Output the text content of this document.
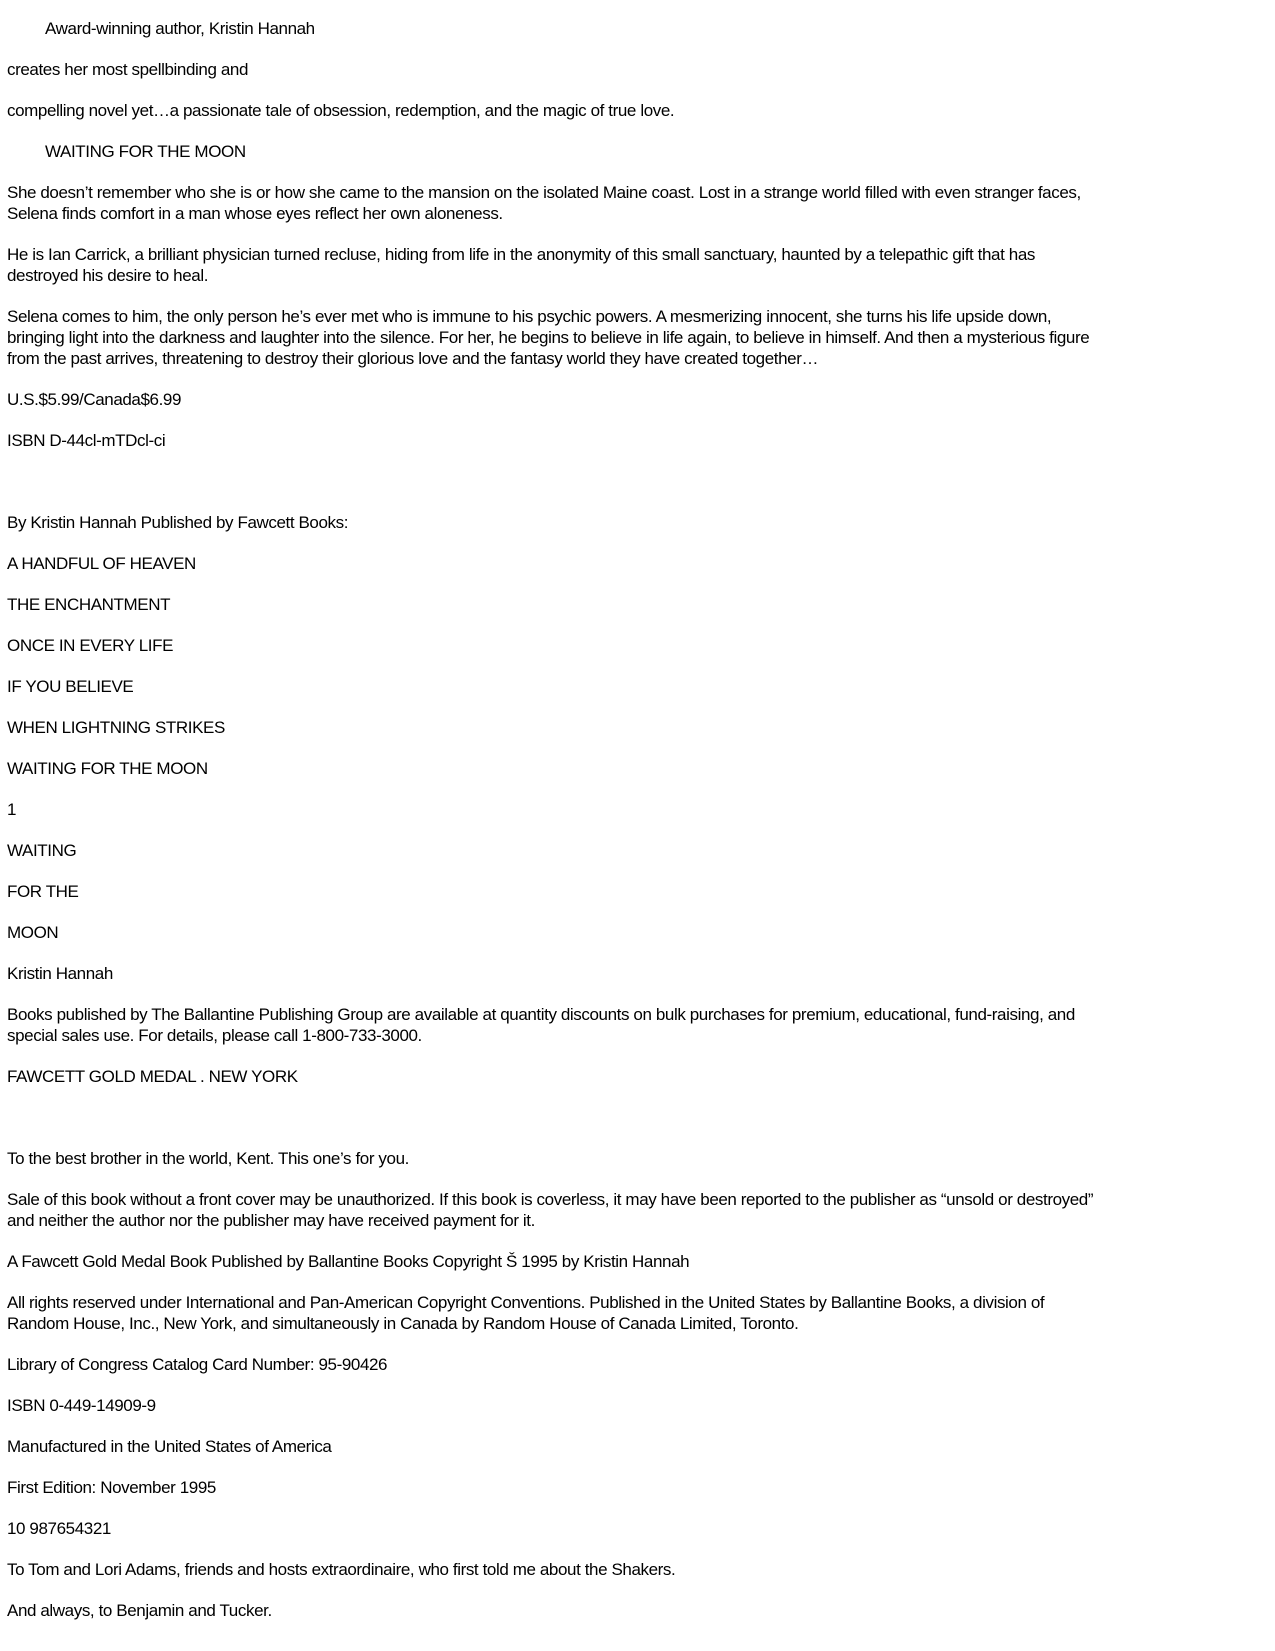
Award-winning author, Kristin Hannah
creates her most spellbinding and
compelling novel yet…a passionate tale of obsession, redemption, and the magic of true love.
WAITING FOR THE MOON
She doesn’t remember who she is or how she came to the mansion on the isolated Maine coast. Lost in a strange world filled with even stranger faces,
Selena finds comfort in a man whose eyes reflect her own aloneness.
He is Ian Carrick, a brilliant physician turned recluse, hiding from life in the anonymity of this small sanctuary, haunted by a telepathic gift that has
destroyed his desire to heal.
Selena comes to him, the only person he’s ever met who is immune to his psychic powers. A mesmerizing innocent, she turns his life upside down,
bringing light into the darkness and laughter into the silence. For her, he begins to believe in life again, to believe in himself. And then a mysterious figure
from the past arrives, threatening to destroy their glorious love and the fantasy world they have created together…
U.S.$5.99/Canada$6.99
ISBN D-44cl-mTDcl-ci
By Kristin Hannah Published by Fawcett Books:
A HANDFUL OF HEAVEN
THE ENCHANTMENT
ONCE IN EVERY LIFE
IF YOU BELIEVE
WHEN LIGHTNING STRIKES
WAITING FOR THE MOON
1
WAITING
FOR THE
MOON
Kristin Hannah
Books published by The Ballantine Publishing Group are available at quantity discounts on bulk purchases for premium, educational, fund-raising, and
special sales use. For details, please call 1-800-733-3000.
FAWCETT GOLD MEDAL . NEW YORK
To the best brother in the world, Kent. This one’s for you.
Sale of this book without a front cover may be unauthorized. If this book is coverless, it may have been reported to the publisher as “unsold or destroyed”
and neither the author nor the publisher may have received payment for it.
A Fawcett Gold Medal Book Published by Ballantine Books Copyright Š 1995 by Kristin Hannah
All rights reserved under International and Pan-American Copyright Conventions. Published in the United States by Ballantine Books, a division of
Random House, Inc., New York, and simultaneously in Canada by Random House of Canada Limited, Toronto.
Library of Congress Catalog Card Number: 95-90426
ISBN 0-449-14909-9
Manufactured in the United States of America
First Edition: November 1995
10 987654321
To Tom and Lori Adams, friends and hosts extraordinaire, who first told me about the Shakers.
And always, to Benjamin and Tucker.
